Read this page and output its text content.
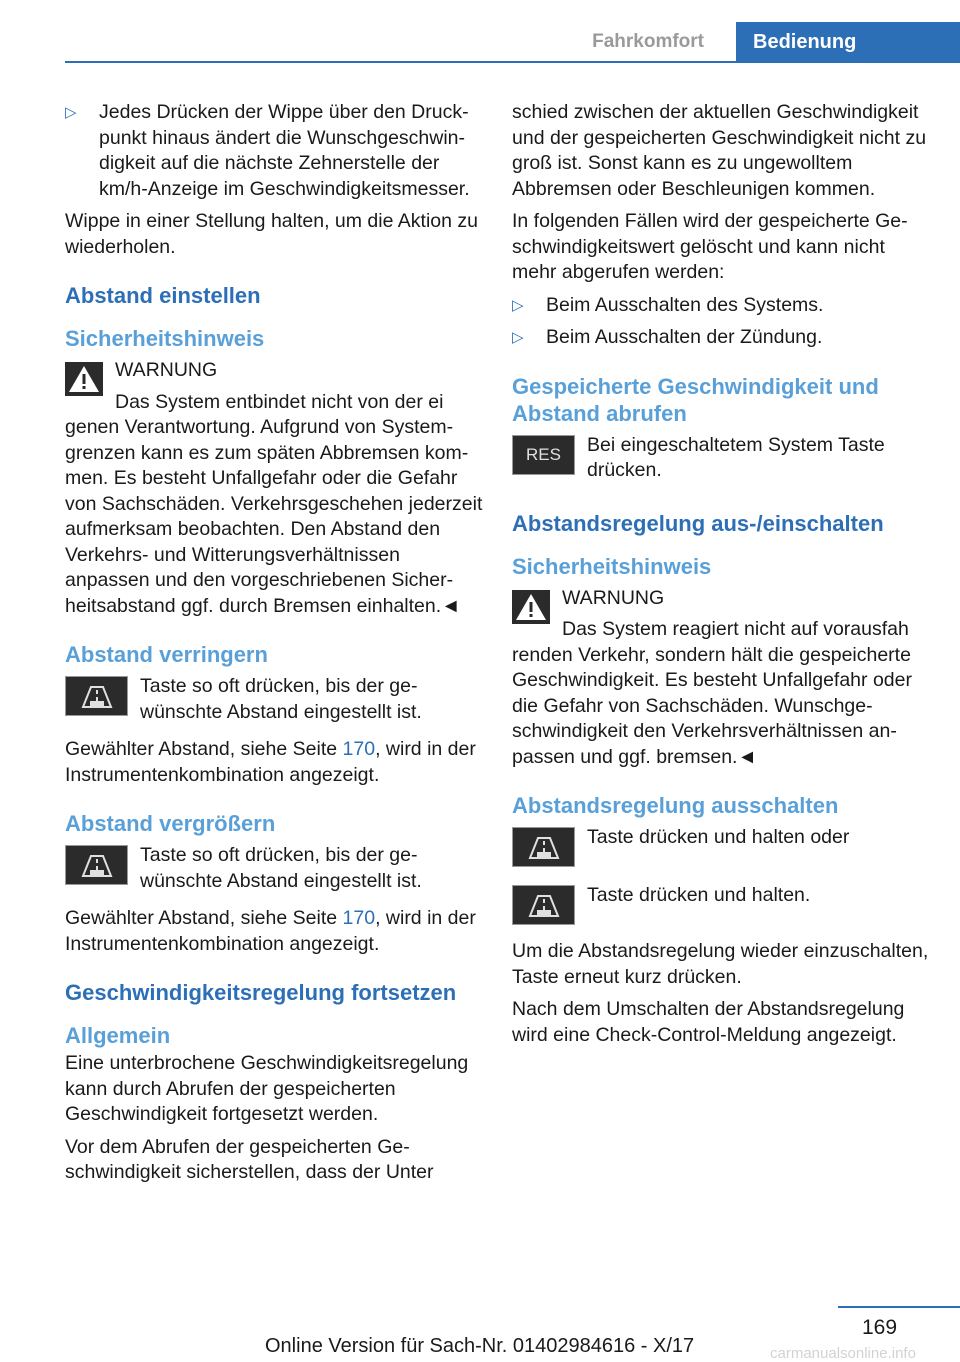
Fahrkomfort	Bedienung
▷ Jedes Drücken der Wippe über den Druckpunkt hinaus ändert die Wunschgeschwindigkeit auf die nächste Zehnerstelle der km/h-Anzeige im Geschwindigkeitsmesser.

Wippe in einer Stellung halten, um die Aktion zu wiederholen.

Abstand einstellen
Sicherheitshinweis
WARNUNG
Das System entbindet nicht von der ei

genen Verantwortung. Aufgrund von Systemgrenzen kann es zum späten Abbremsen kommen. Es besteht Unfallgefahr oder die Gefahr von Sachschäden. Verkehrsgeschehen jederzeit aufmerksam beobachten. Den Abstand den Verkehrs- und Witterungsverhältnissen anpassen und den vorgeschriebenen Sicherheitsabstand ggf. durch Bremsen einhalten.◄

Abstand verringern
Taste so oft drücken, bis der gewünschte Abstand eingestellt ist.

Gewählter Abstand, siehe Seite 170, wird in der Instrumentenkombination angezeigt.

Abstand vergrößern
Taste so oft drücken, bis der gewünschte Abstand eingestellt ist.

Gewählter Abstand, siehe Seite 170, wird in der Instrumentenkombination angezeigt.

Geschwindigkeitsregelung fortsetzen
Allgemein

Eine unterbrochene Geschwindigkeitsregelung kann durch Abrufen der gespeicherten Geschwindigkeit fortgesetzt werden.

Vor dem Abrufen der gespeicherten Geschwindigkeit sicherstellen, dass der Unter

schied zwischen der aktuellen Geschwindigkeit und der gespeicherten Geschwindigkeit nicht zu groß ist. Sonst kann es zu ungewolltem Abbremsen oder Beschleunigen kommen.

In folgenden Fällen wird der gespeicherte Geschwindigkeitswert gelöscht und kann nicht mehr abgerufen werden:

▷ Beim Ausschalten des Systems.
▷ Beim Ausschalten der Zündung.
Gespeicherte Geschwindigkeit und Abstand abrufen
RES Bei eingeschaltetem System Taste drücken.
Abstandsregelung aus-/einschalten
Sicherheitshinweis
WARNUNG
Das System reagiert nicht auf vorausfah

renden Verkehr, sondern hält die gespeicherte Geschwindigkeit. Es besteht Unfallgefahr oder die Gefahr von Sachschäden. Wunschgeschwindigkeit den Verkehrsverhältnissen anpassen und ggf. bremsen.◄

Abstandsregelung ausschalten
Taste drücken und halten oder
Taste drücken und halten.

Um die Abstandsregelung wieder einzuschalten, Taste erneut kurz drücken.

Nach dem Umschalten der Abstandsregelung wird eine Check-Control-Meldung angezeigt.

169
Online Version für Sach-Nr. 01402984616 - X/17	carmanualsonline.info
